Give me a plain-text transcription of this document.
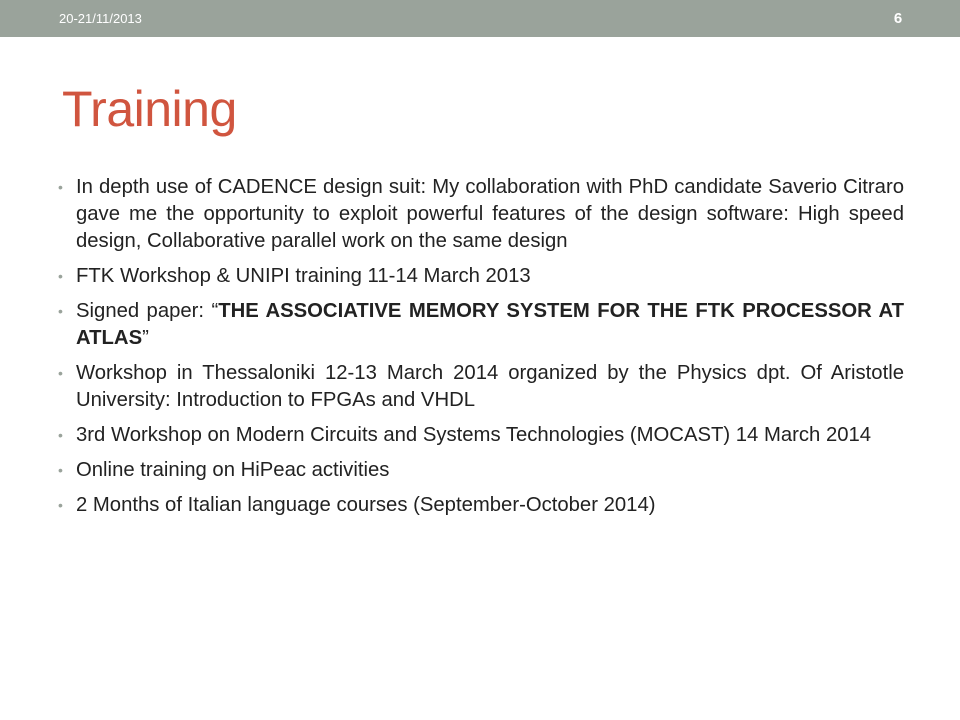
20-21/11/2013	6
Training
• In depth use of CADENCE design suit: My collaboration with PhD candidate Saverio Citraro gave me the opportunity to exploit powerful features of the design software: High speed design, Collaborative parallel work on the same design
• FTK Workshop & UNIPI training 11-14 March 2013
• Signed paper: “THE ASSOCIATIVE MEMORY SYSTEM FOR THE FTK PROCESSOR AT ATLAS”
• Workshop in Thessaloniki 12-13 March 2014 organized by the Physics dpt. Of Aristotle University: Introduction to FPGAs and VHDL
• 3rd Workshop on Modern Circuits and Systems Technologies (MOCAST) 14 March 2014
• Online training on HiPeac activities
• 2 Months of Italian language courses (September-October 2014)
